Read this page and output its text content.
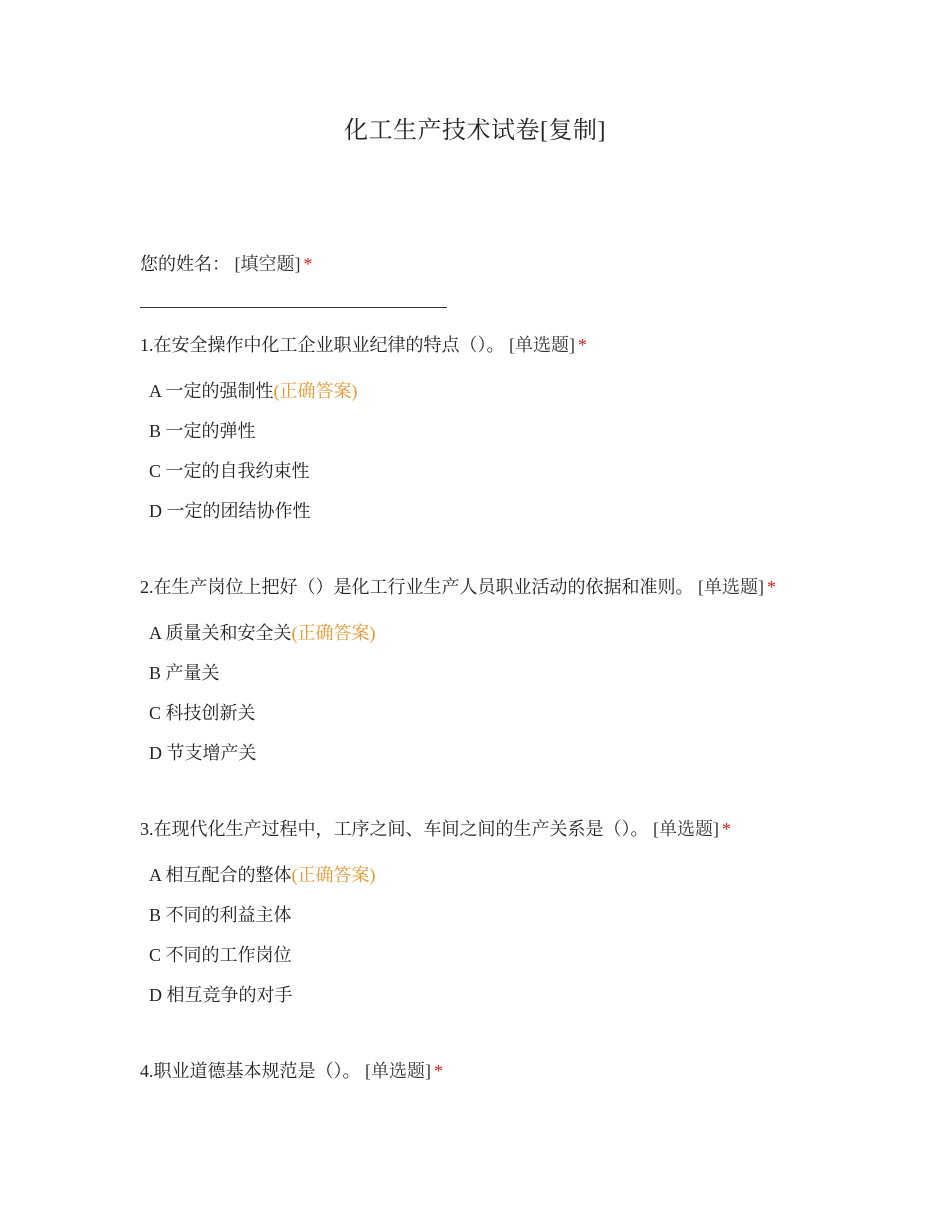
化工生产技术试卷[复制]
您的姓名： [填空题] *
1.在安全操作中化工企业职业纪律的特点（）。 [单选题] *
A 一定的强制性(正确答案)
B 一定的弹性
C 一定的自我约束性
D 一定的团结协作性
2.在生产岗位上把好（）是化工行业生产人员职业活动的依据和准则。 [单选题] *
A 质量关和安全关(正确答案)
B 产量关
C 科技创新关
D 节支增产关
3.在现代化生产过程中，工序之间、车间之间的生产关系是（）。 [单选题] *
A 相互配合的整体(正确答案)
B 不同的利益主体
C 不同的工作岗位
D 相互竞争的对手
4.职业道德基本规范是（）。 [单选题] *
